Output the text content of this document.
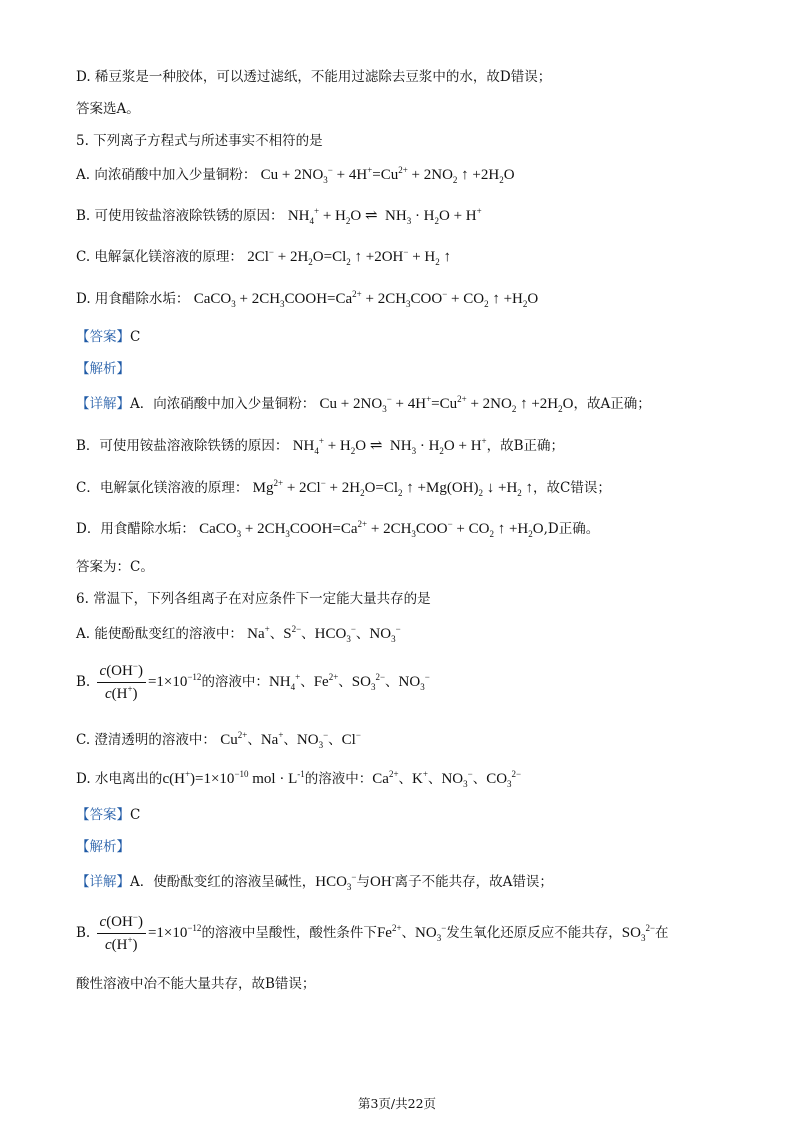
D. 稀豆浆是一种胶体，可以透过滤纸，不能用过滤除去豆浆中的水，故D错误；
答案选A。
5. 下列离子方程式与所述事实不相符的是
A. 向浓硝酸中加入少量铜粉： $Cu + 2NO_3^- + 4H^+=Cu^{2+} + 2NO_2$ ↑ $+2H_2O$
B. 可使用铵盐溶液除铁锈的原因： $NH_4^+ + H_2O$ ⇌  $NH_3 \cdot H_2O + H^+$
C. 电解氯化镁溶液的原理： $2Cl^- + 2H_2O=Cl_2$ ↑ $+2OH^- + H_2$ ↑
D. 用食醋除水垢： CaCO$_3$ + $2CH_3COOH=Ca^{2+} + 2CH_3COO^- + CO_2$ ↑ $+H_2O$
【答案】C
【解析】
【详解】A．向浓硝酸中加入少量铜粉： $Cu + 2NO_3^- + 4H^+=Cu^{2+} + 2NO_2$ ↑ $+2H_2O$，故A正确；
B．可使用铵盐溶液除铁锈的原因： $NH_4^+ + H_2O$ ⇌  $NH_3 \cdot H_2O + H^+$，故B正确；
C．电解氯化镁溶液的原理： $Mg^{2+} + 2Cl^- + 2H_2O=Cl_2$ ↑ $+Mg(OH)_2$ ↓ $+H_2$ ↑，故C错误；
D．用食醋除水垢： CaCO$_3$ + $2CH_3COOH=Ca^{2+} + 2CH_3COO^- + CO_2$ ↑ $+H_2O,D$正确。
答案为：C。
6. 常温下，下列各组离子在对应条件下一定能大量共存的是
A. 能使酚酞变红的溶液中： Na+、$S^{2-}$、$HCO_3^-$、$NO_3^-$
B. $\frac{c(OH^-)}{c(H^+)} =1\times 10^{-12}$的溶液中：$NH_4^+$、$Fe^{2+}$、$SO_3^{2-}$、$NO_3^-$
C. 澄清透明的溶液中： $Cu^{2+}$、Na+、$NO_3^-$、Cl−
D. 水电离出的$c(H^+)=1\times 10^{-10}$ mol · $L^{-1}$的溶液中：$Ca^{2+}$、K+、$NO_3^-$、$CO_3^{2-}$
【答案】C
【解析】
【详解】A．使酚酞变红的溶液呈碱性，$HCO_3^-$与OH-离子不能共存，故A错误；
B. $\frac{c(OH^-)}{c(H^+)} =1\times 10^{-12}$的溶液中呈酸性，酸性条件下$Fe^{2+}$、$NO_3^-$发生氧化还原反应不能共存，$SO_3^{2-}$在
酸性溶液中冶不能大量共存，故B错误；
第3页/共22页
